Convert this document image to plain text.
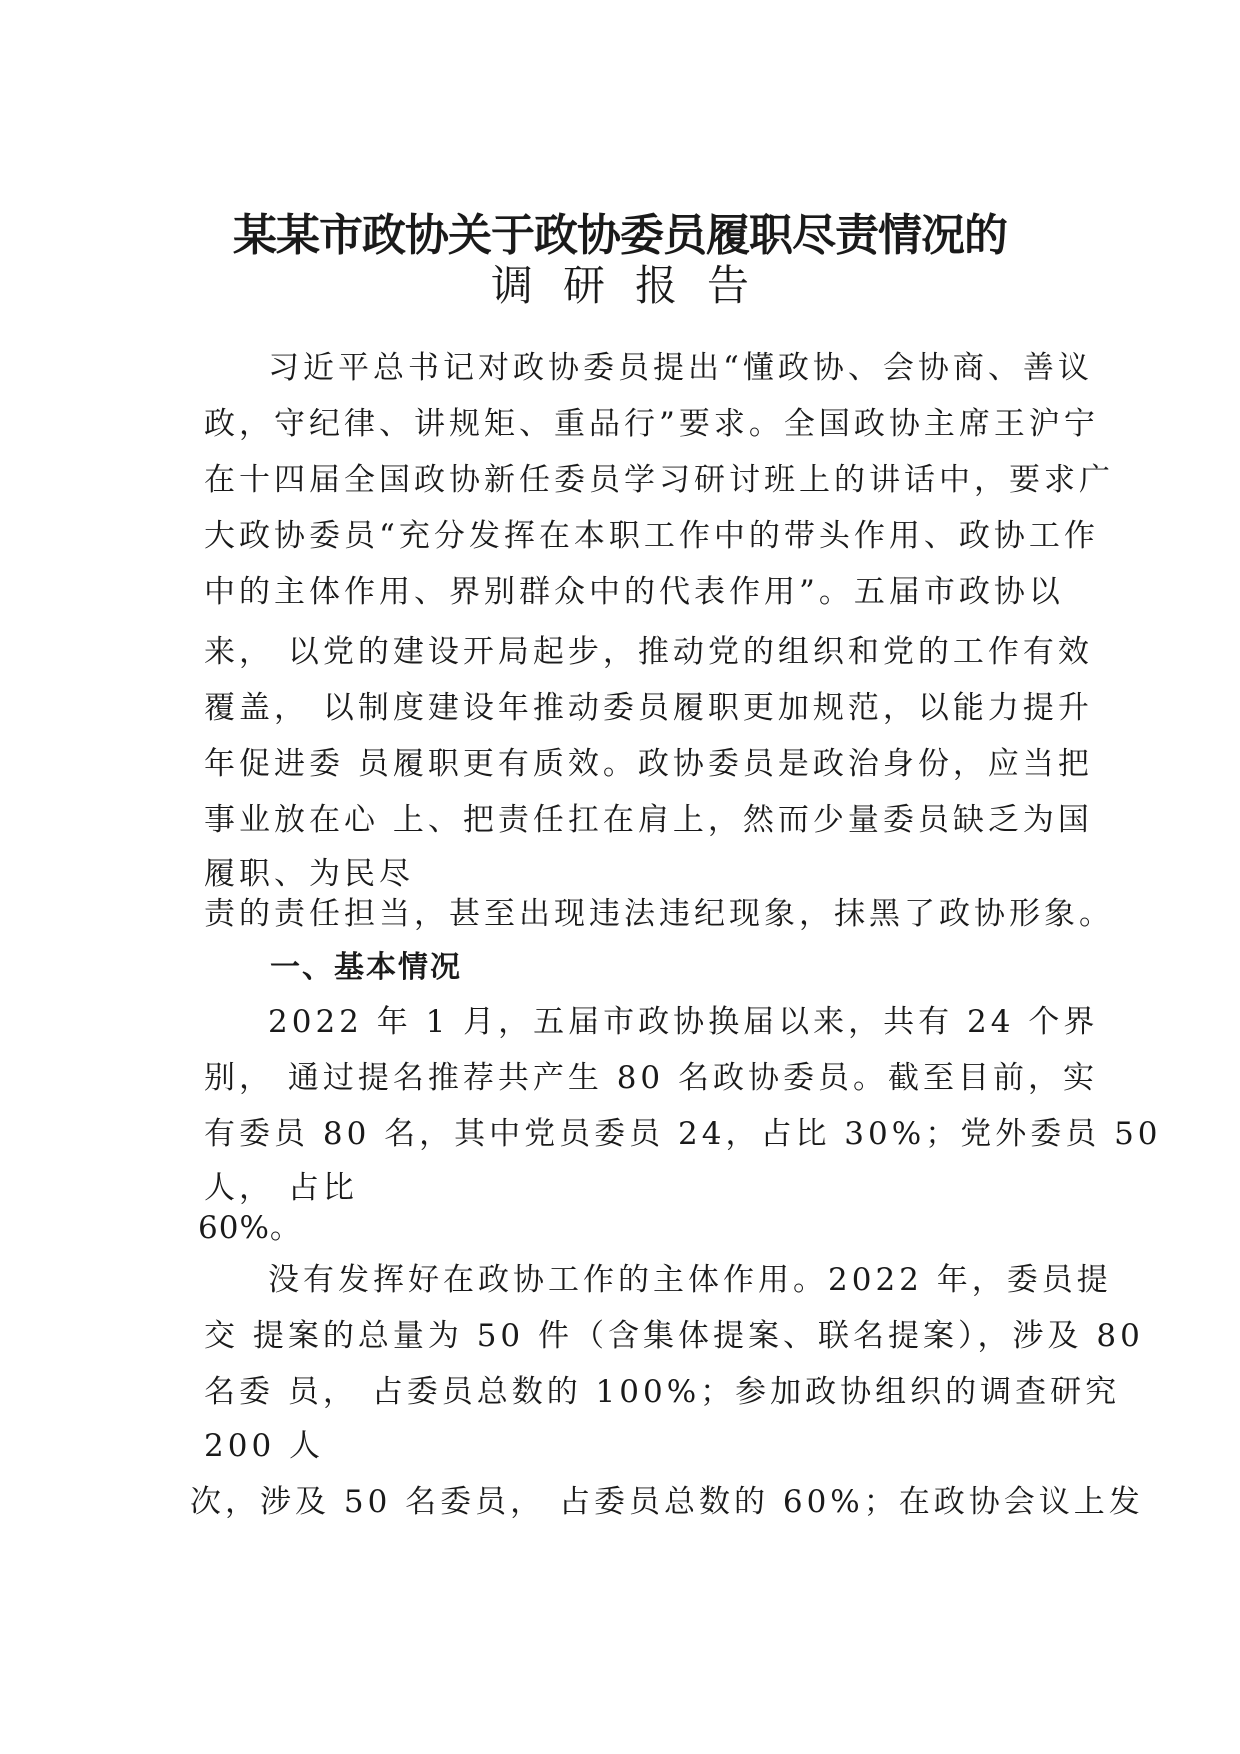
某某市政协关于政协委员履职尽责情况的
调研报告
习近平总书记对政协委员提出“懂政协、会协商、善议
政，守纪律、讲规矩、重品行”要求。全国政协主席王沪宁
在十四届全国政协新任委员学习研讨班上的讲话中，要求广
大政协委员“充分发挥在本职工作中的带头作用、政协工作
中的主体作用、界别群众中的代表作用”。五届市政协以
来， 以党的建设开局起步，推动党的组织和党的工作有效
覆盖， 以制度建设年推动委员履职更加规范，以能力提升
年促进委 员履职更有质效。政协委员是政治身份，应当把
事业放在心 上、把责任扛在肩上，然而少量委员缺乏为国
履职、为民尽
责的责任担当，甚至出现违法违纪现象，抹黑了政协形象。
一、基本情况
2022 年 1 月，五届市政协换届以来，共有 24 个界
别， 通过提名推荐共产生 80 名政协委员。截至目前，实
有委员 80 名，其中党员委员 24，占比 30%；党外委员 50
人， 占比
60%。
没有发挥好在政协工作的主体作用。2022 年，委员提
交 提案的总量为 50 件（含集体提案、联名提案），涉及 80
名委 员， 占委员总数的 100%；参加政协组织的调查研究
200 人
次，涉及 50 名委员， 占委员总数的 60%；在政协会议上发
